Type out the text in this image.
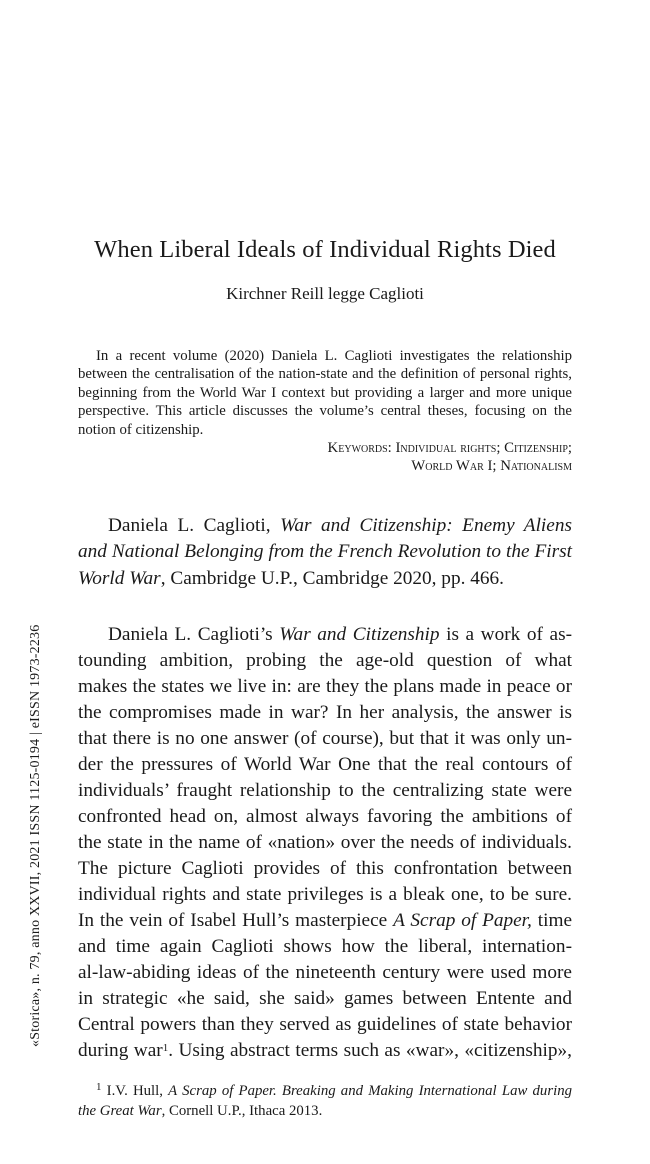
When Liberal Ideals of Individual Rights Died
Kirchner Reill legge Caglioti

In a recent volume (2020) Daniela L. Caglioti investigates the relationship between the centralisation of the nation-state and the definition of personal rights, beginning from the World War I context but providing a larger and more unique perspective. This article discusses the volume’s central theses, focusing on the notion of citizenship.

Keywords: Individual rights; Citizenship;
World War I; Nationalism

Daniela L. Caglioti, War and Citizenship: Enemy Aliens and National Belonging from the French Revolution to the First World War, Cambridge U.P., Cambridge 2020, pp. 466.

Daniela L. Caglioti’s War and Citizenship is a work of as-
tounding ambition, probing the age-old question of what
makes the states we live in: are they the plans made in peace or
the compromises made in war? In her analysis, the answer is
that there is no one answer (of course), but that it was only un-
der the pressures of World War One that the real contours of
individuals’ fraught relationship to the centralizing state were
confronted head on, almost always favoring the ambitions of
the state in the name of «nation» over the needs of individuals.
The picture Caglioti provides of this confrontation between
individual rights and state privileges is a bleak one, to be sure.
In the vein of Isabel Hull’s masterpiece A Scrap of Paper, time
and time again Caglioti shows how the liberal, internation-
al-law-abiding ideas of the nineteenth century were used more
in strategic «he said, she said» games between Entente and
Central powers than they served as guidelines of state behavior
during war$^1$. Using abstract terms such as «war», «citizenship»,

$^1$ I.V. Hull, A Scrap of Paper. Breaking and Making International Law during the Great War, Cornell U.P., Ithaca 2013.

«Storica», n. 79, anno XXVII, 2021 ISSN 1125-0194 | eISSN 1973-2236
